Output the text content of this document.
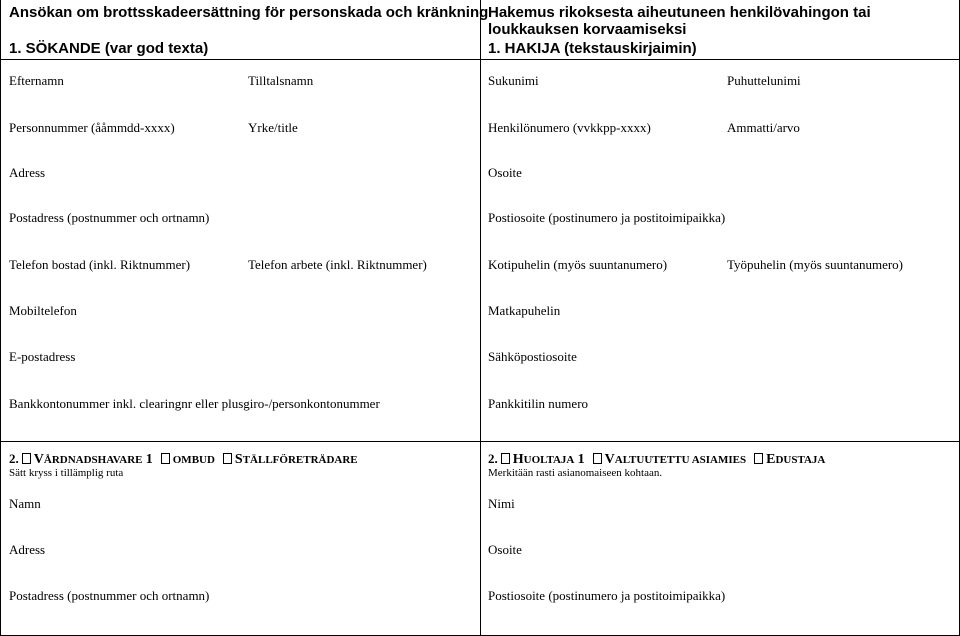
Ansökan om brottsskadeersättning för personskada och kränkning
1. SÖKANDE (var god texta)
Hakemus rikoksesta aiheutuneen henkilövahingon tai loukkauksen korvaamiseksi
1. HAKIJA (tekstauskirjaimin)
Efternamn	Tilltalsnamn
Personnummer (ååmmdd-xxxx)	Yrke/title
Adress
Postadress (postnummer och ortnamn)
Telefon bostad (inkl. Riktnummer)	Telefon arbete (inkl. Riktnummer)
Mobiltelefon
E-postadress
Bankkontonummer inkl. clearingnr eller plusgiro-/personkontonummer
Sukunimi	Puhuttelunimi
Henkilönumero (vvkkpp-xxxx)	Ammatti/arvo
Osoite
Postiosoite (postinumero ja postitoimipaikka)
Kotipuhelin (myös suuntanumero)	Työpuhelin (myös suuntanumero)
Matkapuhelin
Sähköpostiosoite
Pankkitilin numero
2. VÅRDNADSHAVARE 1 OMBUD STÄLLFÖRETRÄDARE
Sätt kryss i tillämplig ruta
Namn
Adress
Postadress (postnummer och ortnamn)
2. HUOLTAJA 1 VALTUUTETTU ASIAMIES EDUSTAJA
Merkitään rasti asianomaiseen kohtaan.
Nimi
Osoite
Postiosoite (postinumero ja postitoimipaikka)
